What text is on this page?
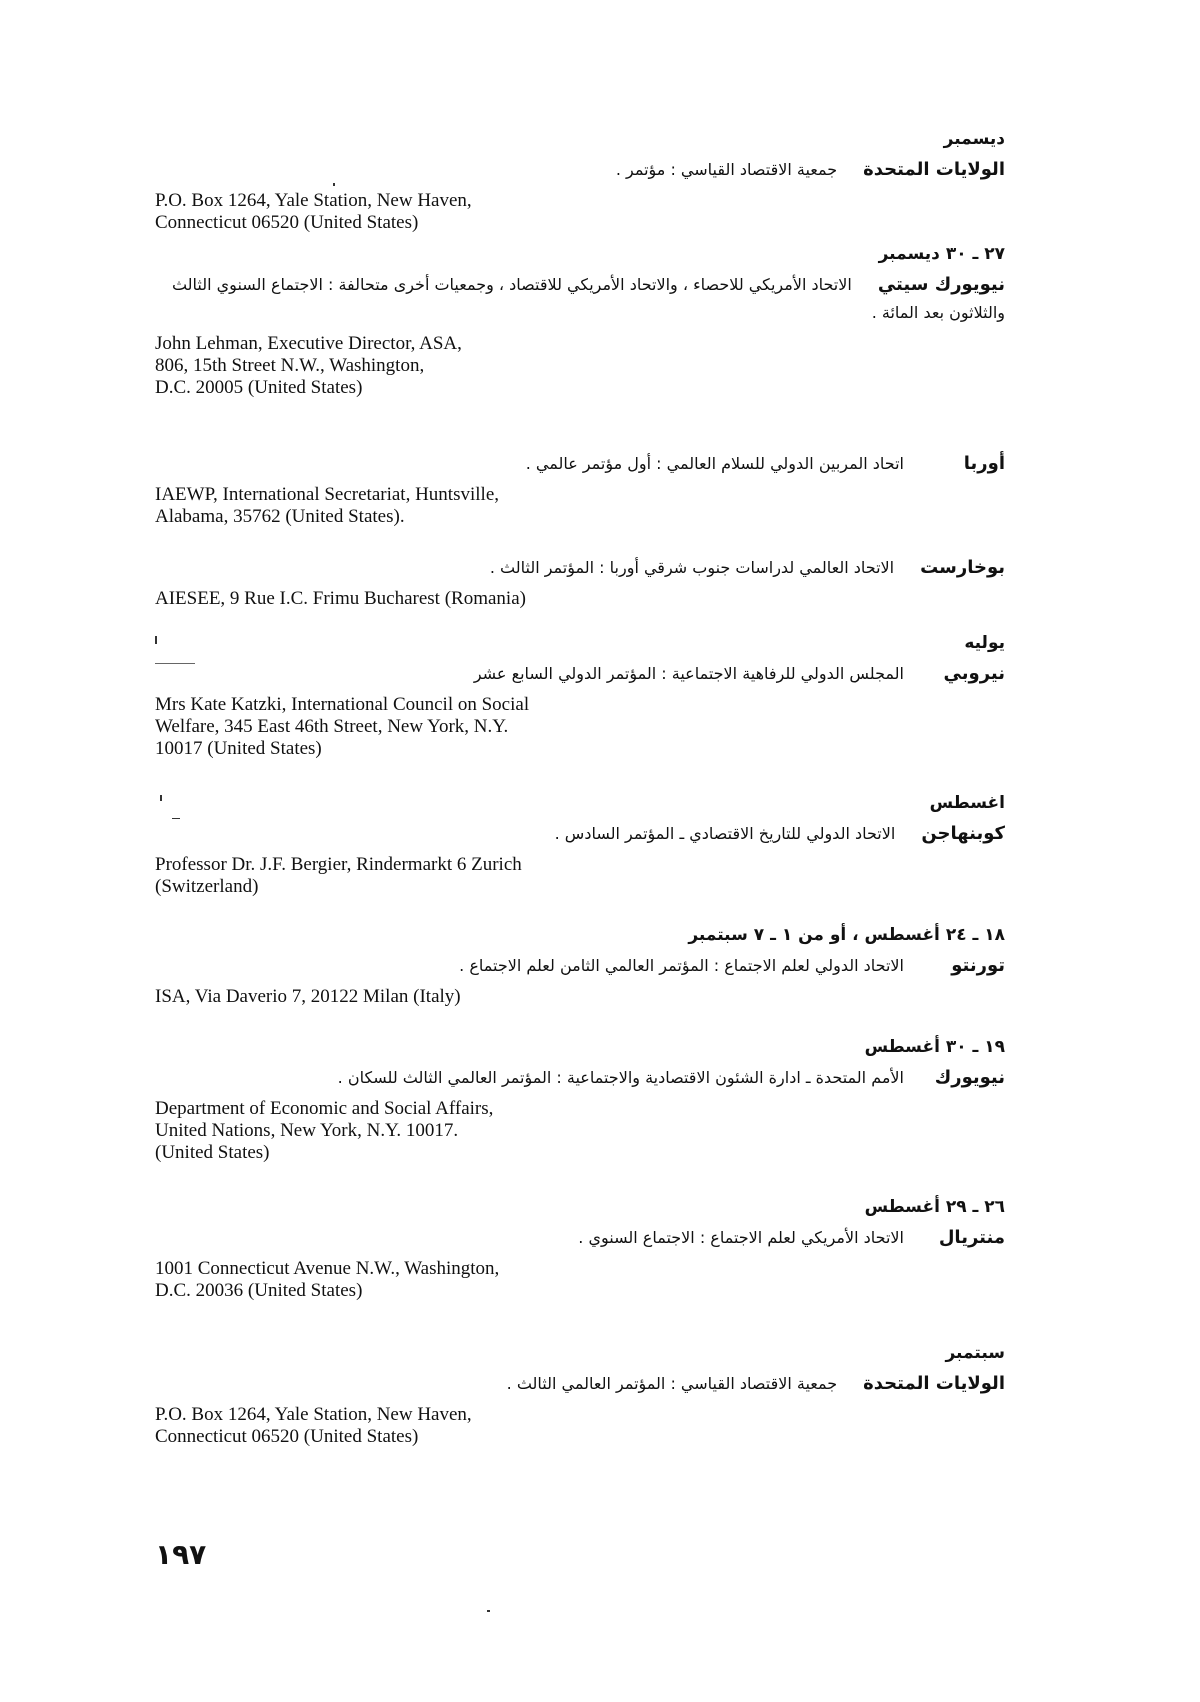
ديسمبر
الولايات المتحدةجمعية الاقتصاد القياسي : مؤتمر .
P.O. Box 1264, Yale Station, New Haven,
Connecticut 06520 (United States)
٢٧ ـ ٣٠ ديسمبر
نيويورك سيتيالاتحاد الأمريكي للاحصاء ، والاتحاد الأمريكي للاقتصاد ، وجمعيات أخرى متحالفة : الاجتماع السنوي الثالث والثلاثون بعد المائة .
John Lehman, Executive Director, ASA,
806, 15th Street N.W., Washington,
D.C. 20005 (United States)
أوربااتحاد المربين الدولي للسلام العالمي : أول مؤتمر عالمي .
IAEWP, International Secretariat, Huntsville,
Alabama, 35762 (United States).
بوخارستالاتحاد العالمي لدراسات جنوب شرقي أوربا : المؤتمر الثالث .
AIESEE, 9 Rue I.C. Frimu Bucharest (Romania)
يوليه
نيروبيالمجلس الدولي للرفاهية الاجتماعية : المؤتمر الدولي السابع عشر
Mrs Kate Katzki, International Council on Social
Welfare, 345 East 46th Street, New York, N.Y.
10017 (United States)
اغسطس
كوبنهاجنالاتحاد الدولي للتاريخ الاقتصادي ـ المؤتمر السادس .
Professor Dr. J.F. Bergier, Rindermarkt 6 Zurich
(Switzerland)
١٨ ـ ٢٤ أغسطس ، أو من ١ ـ ٧ سبتمبر
تورنتوالاتحاد الدولي لعلم الاجتماع : المؤتمر العالمي الثامن لعلم الاجتماع .
ISA, Via Daverio 7, 20122 Milan (Italy)
١٩ ـ ٣٠ أغسطس
نيويوركالأمم المتحدة ـ ادارة الشئون الاقتصادية والاجتماعية : المؤتمر العالمي الثالث للسكان .
Department of Economic and Social Affairs,
United Nations, New York, N.Y. 10017.
(United States)
٢٦ ـ ٢٩ أغسطس
منتريالالاتحاد الأمريكي لعلم الاجتماع : الاجتماع السنوي .
1001 Connecticut Avenue N.W., Washington,
D.C. 20036 (United States)
سبتمبر
الولايات المتحدةجمعية الاقتصاد القياسي : المؤتمر العالمي الثالث .
P.O. Box 1264, Yale Station, New Haven,
Connecticut 06520 (United States)
١٩٧
